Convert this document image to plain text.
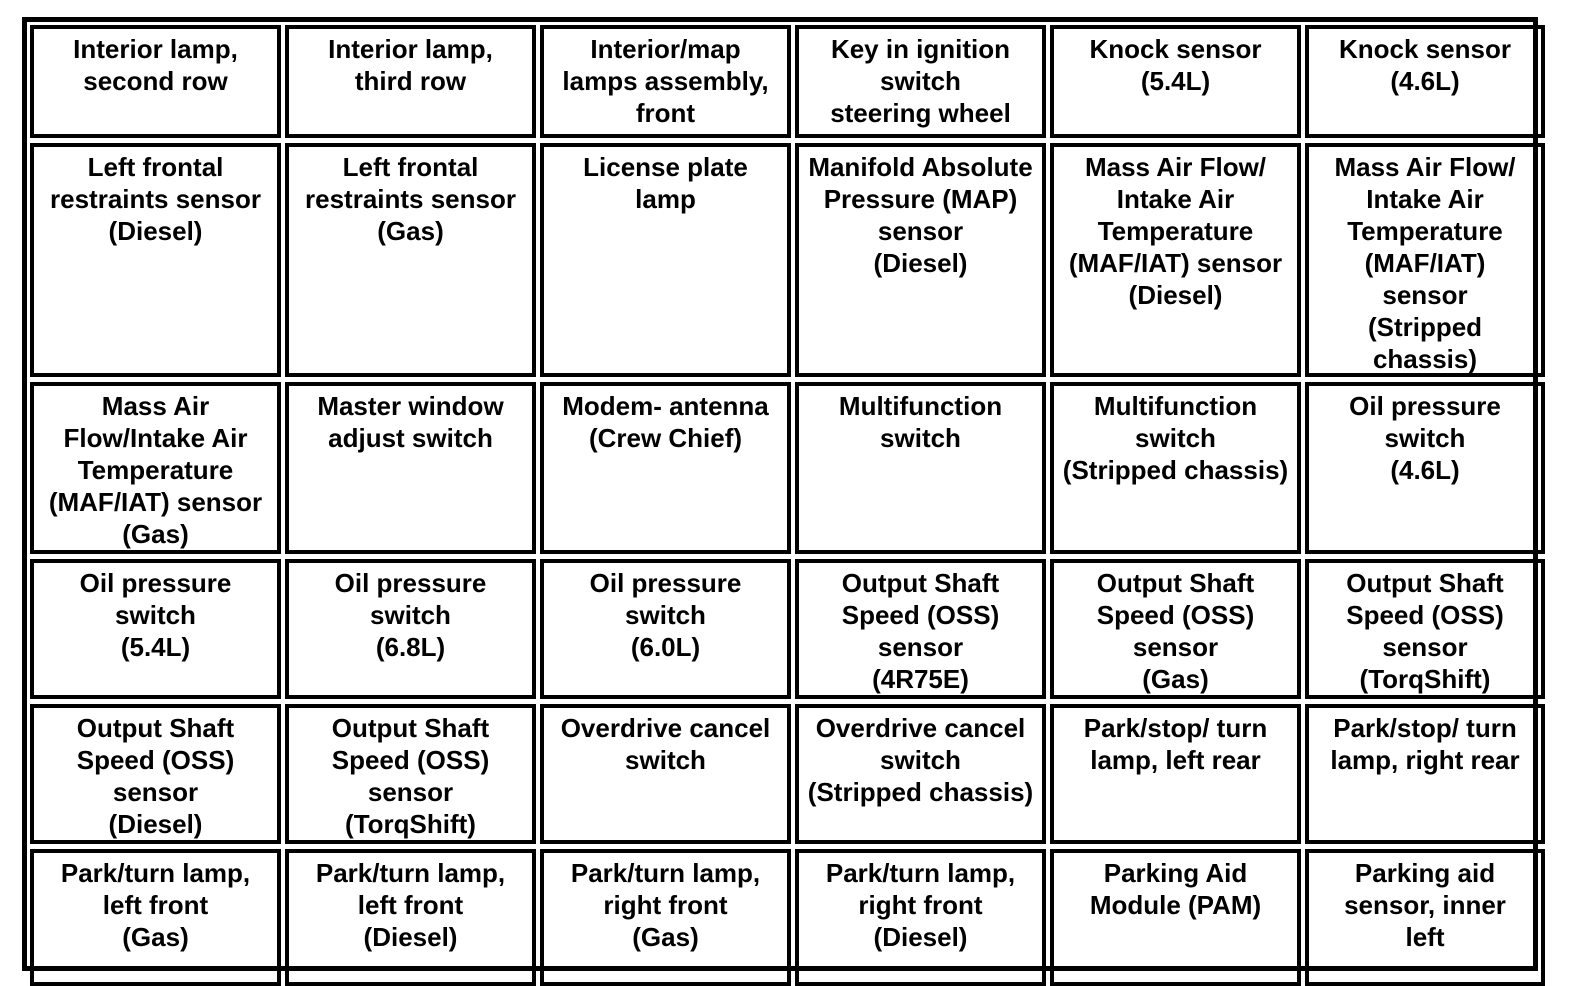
Interior lamp,
second row
Interior lamp,
third row
Interior/map
lamps assembly,
front
Key in ignition
switch
steering wheel
Knock sensor
(5.4L)
Knock sensor
(4.6L)
Left frontal
restraints sensor
(Diesel)
Left frontal
restraints sensor
(Gas)
License plate
lamp
Manifold Absolute
Pressure (MAP)
sensor
(Diesel)
Mass Air Flow/
Intake Air
Temperature
(MAF/IAT) sensor
(Diesel)
Mass Air Flow/
Intake Air
Temperature
(MAF/IAT)
sensor
(Stripped
chassis)
Mass Air
Flow/Intake Air
Temperature
(MAF/IAT) sensor
(Gas)
Master window
adjust switch
Modem- antenna
(Crew Chief)
Multifunction
switch
Multifunction
switch
(Stripped chassis)
Oil pressure
switch
(4.6L)
Oil pressure
switch
(5.4L)
Oil pressure
switch
(6.8L)
Oil pressure
switch
(6.0L)
Output Shaft
Speed (OSS)
sensor
(4R75E)
Output Shaft
Speed (OSS)
sensor
(Gas)
Output Shaft
Speed (OSS)
sensor
(TorqShift)
Output Shaft
Speed (OSS)
sensor
(Diesel)
Output Shaft
Speed (OSS)
sensor
(TorqShift)
Overdrive cancel
switch
Overdrive cancel
switch
(Stripped chassis)
Park/stop/ turn
lamp, left rear
Park/stop/ turn
lamp, right rear
Park/turn lamp,
left front
(Gas)
Park/turn lamp,
left front
(Diesel)
Park/turn lamp,
right front
(Gas)
Park/turn lamp,
right front
(Diesel)
Parking Aid
Module (PAM)
Parking aid
sensor, inner
left
